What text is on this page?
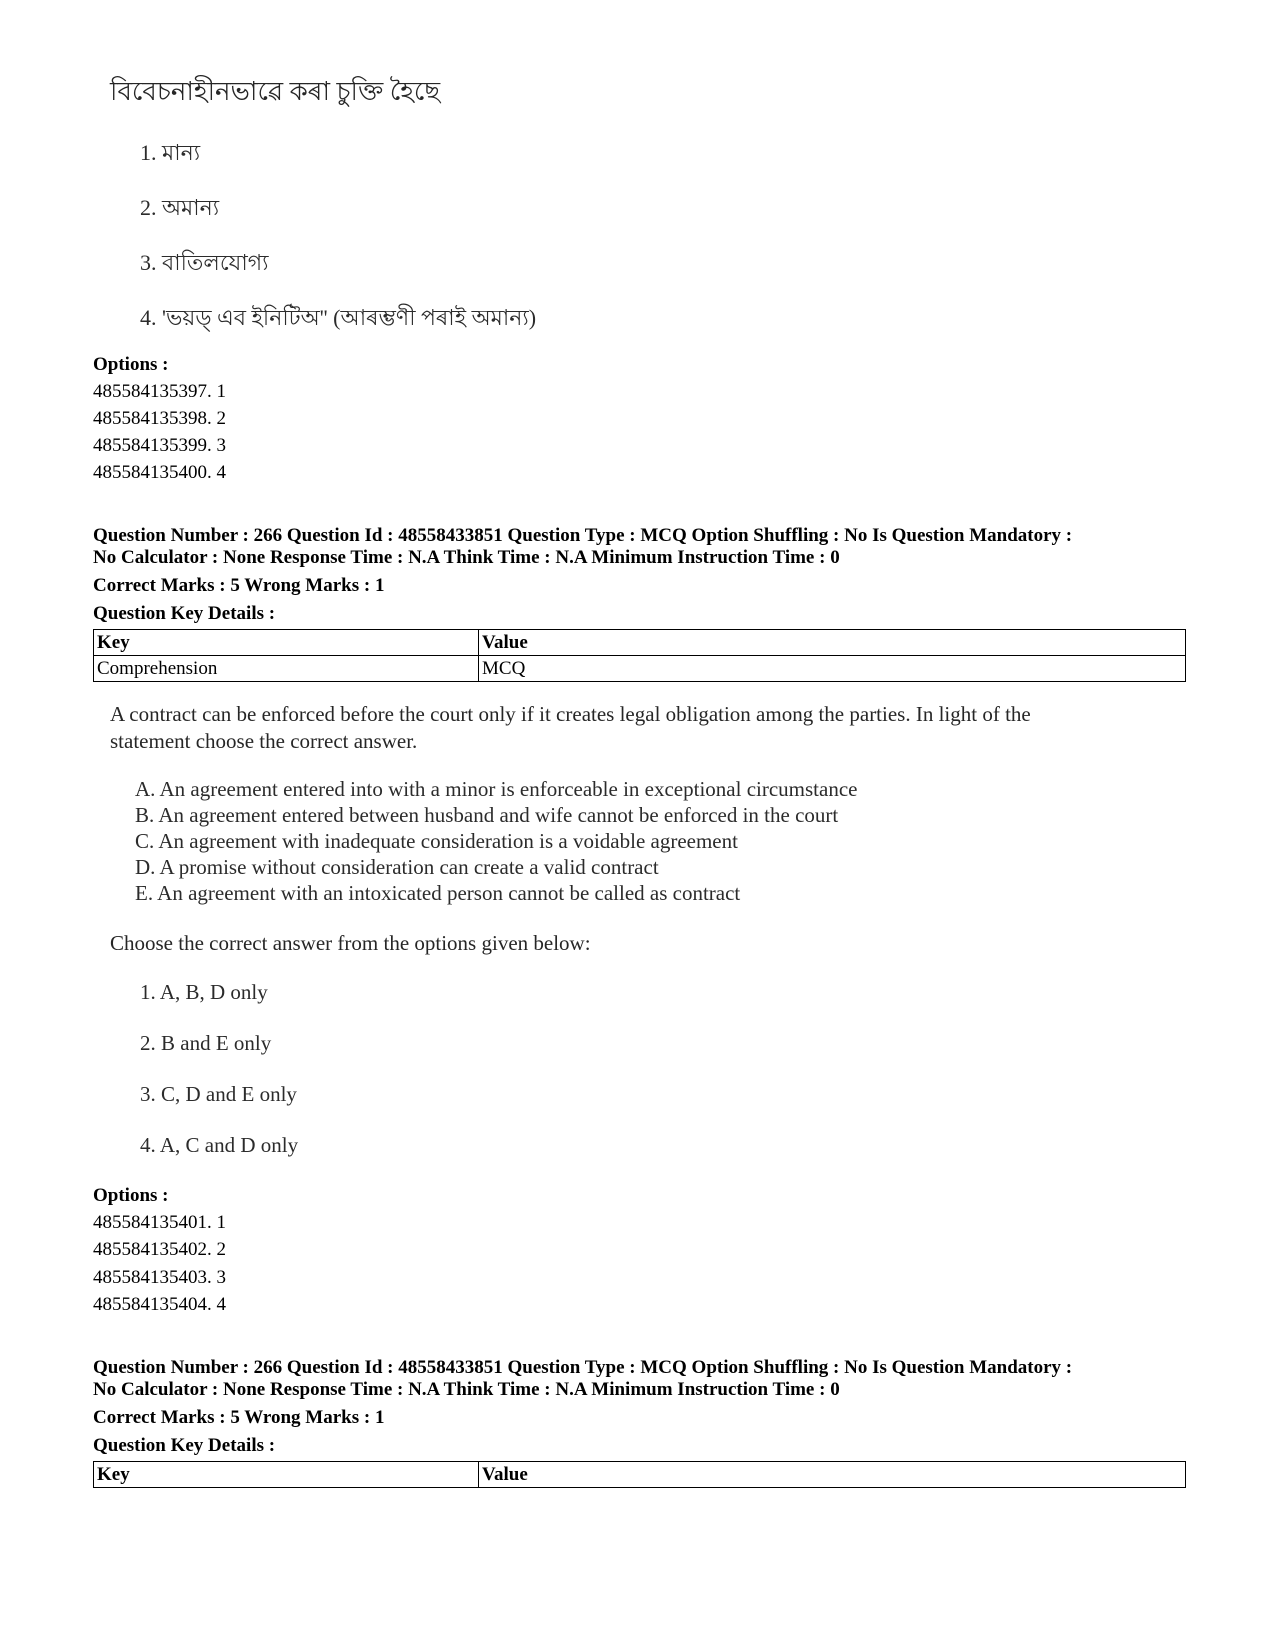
বিবেচনাহীনভাৱে কৰা চুক্তি হৈছে
1. মান্য
2. অমান্য
3. বাতিলযোগ্য
4. 'ভয়ড্ এব ইনিটিঅ'' (আৰম্ভণী পৰাই অমান্য)
Options :
485584135397. 1
485584135398. 2
485584135399. 3
485584135400. 4
Question Number : 266 Question Id : 48558433851 Question Type : MCQ Option Shuffling : No Is Question Mandatory :
No Calculator : None Response Time : N.A Think Time : N.A Minimum Instruction Time : 0
Correct Marks : 5 Wrong Marks : 1
Question Key Details :
Key	Value
Comprehension	MCQ
A contract can be enforced before the court only if it creates legal obligation among the parties. In light of the
statement choose the correct answer.
A. An agreement entered into with a minor is enforceable in exceptional circumstance
B. An agreement entered between husband and wife cannot be enforced in the court
C. An agreement with inadequate consideration is a voidable agreement
D. A promise without consideration can create a valid contract
E. An agreement with an intoxicated person cannot be called as contract
Choose the correct answer from the options given below:
1. A, B, D only
2. B and E only
3. C, D and E only
4. A, C and D only
Options :
485584135401. 1
485584135402. 2
485584135403. 3
485584135404. 4
Question Number : 266 Question Id : 48558433851 Question Type : MCQ Option Shuffling : No Is Question Mandatory :
No Calculator : None Response Time : N.A Think Time : N.A Minimum Instruction Time : 0
Correct Marks : 5 Wrong Marks : 1
Question Key Details :
Key	Value
